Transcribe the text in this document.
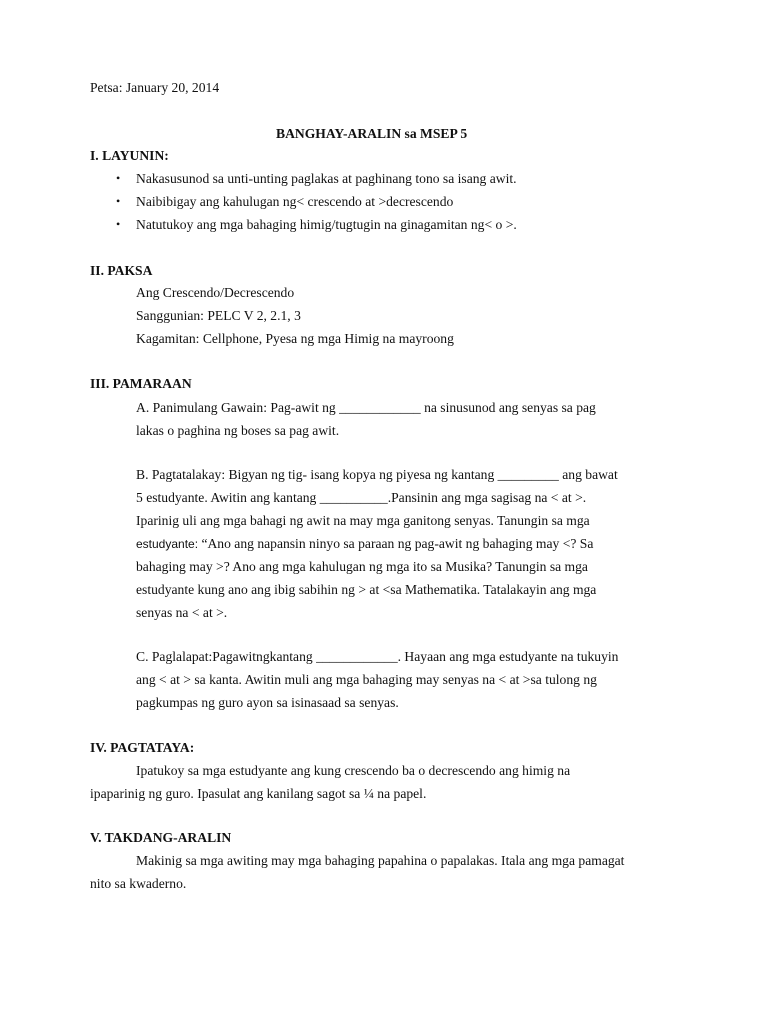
Petsa: January 20, 2014
BANGHAY-ARALIN sa MSEP 5
I. LAYUNIN:
• Nakasusunod sa unti-unting paglakas at paghinang tono sa isang awit.
• Naibibigay ang kahulugan ng< crescendo at >decrescendo
• Natutukoy ang mga bahaging himig/tugtugin na ginagamitan ng< o >.
II. PAKSA
Ang Crescendo/Decrescendo
Sanggunian: PELC V 2, 2.1, 3
Kagamitan: Cellphone, Pyesa ng mga Himig na mayroong
III. PAMARAAN
A. Panimulang Gawain: Pag-awit ng ____________ na sinusunod ang senyas sa pag
lakas o paghina ng boses sa pag awit.
B. Pagtatalakay: Bigyan ng tig- isang kopya ng piyesa ng kantang _________ ang bawat
5 estudyante. Awitin ang kantang __________.Pansinin ang mga sagisag na < at >.
Iparinig uli ang mga bahagi ng awit na may mga ganitong senyas. Tanungin sa mga
estudyante: “Ano ang napansin ninyo sa paraan ng pag-awit ng bahaging may <? Sa
bahaging may >? Ano ang mga kahulugan ng mga ito sa Musika? Tanungin sa mga
estudyante kung ano ang ibig sabihin ng > at <sa Mathematika. Tatalakayin ang mga
senyas na < at >.
C. Paglalapat:Pagawitngkantang ____________. Hayaan ang mga estudyante na tukuyin
ang < at > sa kanta. Awitin muli ang mga bahaging may senyas na < at >sa tulong ng
pagkumpas ng guro ayon sa isinasaad sa senyas.
IV. PAGTATAYA:
Ipatukoy sa mga estudyante ang kung crescendo ba o decrescendo ang himig na
ipaparinig ng guro. Ipasulat ang kanilang sagot sa ¼ na papel.
V. TAKDANG-ARALIN
Makinig sa mga awiting may mga bahaging papahina o papalakas. Itala ang mga pamagat
nito sa kwaderno.
